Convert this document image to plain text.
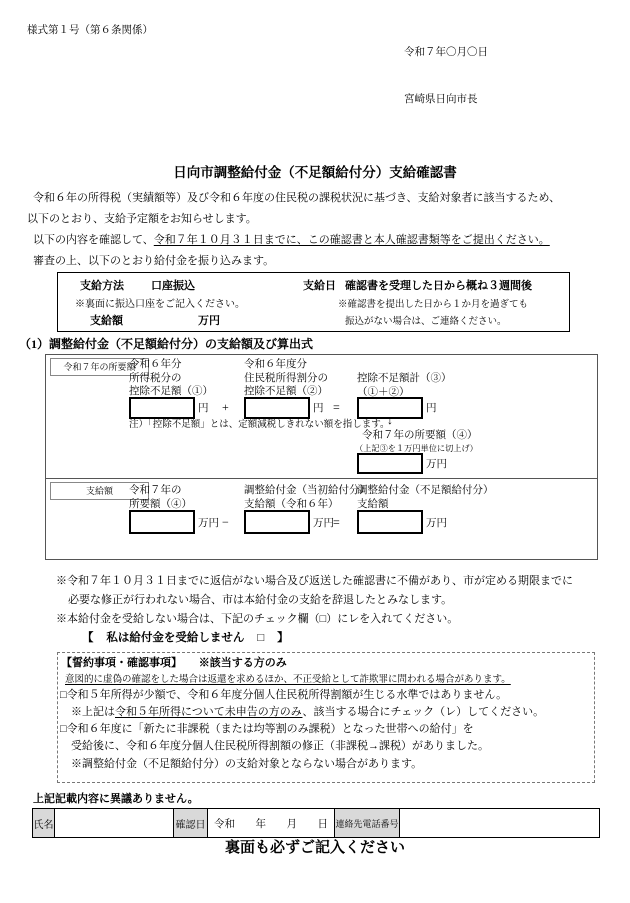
様式第１号（第６条関係）
令和７年〇月〇日
宮崎県日向市長
日向市調整給付金（不足額給付分）支給確認書
令和６年の所得税（実績額等）及び令和６年度の住民税の課税状況に基づき、支給対象者に該当するため、
以下のとおり、支給予定額をお知らせします。
以下の内容を確認して、令和７年１０月３１日までに、この確認書と本人確認書類等をご提出ください。
審査の上、以下のとおり給付金を振り込みます。
支給方法 口座振込	支給日 確認書を受理した日から概ね３週間後
※裏面に振込口座をご記入ください。	※確認書を提出した日から１か月を過ぎても
支給額	万円	振込がない場合は、ご連絡ください。
（1）調整給付金（不足額給付分）の支給額及び算出式
令和７年の所要額
令和６年分
所得税分の
控除不足額（①）
令和６年度分
住民税所得割分の
控除不足額（②）
控除不足額計（③）
（①＋②）
円 +	円 =	円
注）「控除不足額」とは、定額減税しきれない額を指します。
↓
令和７年の所要額（④）
（上記③を１万円単位に切上げ）
万円
支給額	令和７年の
所要額（④）
調整給付金（当初給付分）
支給額（令和６年）
調整給付金（不足額給付分）
支給額
万円 −	万円 =	万円
※令和７年１０月３１日までに返信がない場合及び返送した確認書に不備があり、市が定める期限までに
必要な修正が行われない場合、市は本給付金の支給を辞退したとみなします。
※本給付金を受給しない場合は、下記のチェック欄（□）にレを入れてください。
【 私は給付金を受給しません □ 】
【誓約事項・確認事項】 ※該当する方のみ
意図的に虚偽の確認をした場合は返還を求めるほか、不正受給として詐欺罪に問われる場合があります。
□令和５年所得が少額で、令和６年度分個人住民税所得割額が生じる水準ではありません。
※上記は令和５年所得について未申告の方のみ、該当する場合にチェック（レ）してください。
□令和６年度に「新たに非課税（または均等割のみ課税）となった世帯への給付」を
受給後に、令和６年度分個人住民税所得割額の修正（非課税→課税）がありました。
※調整給付金（不足額給付分）の支給対象とならない場合があります。
上記記載内容に異議ありません。
氏名	確認日 令和 年 月 日 連絡先電話番号
裏面も必ずご記入ください
